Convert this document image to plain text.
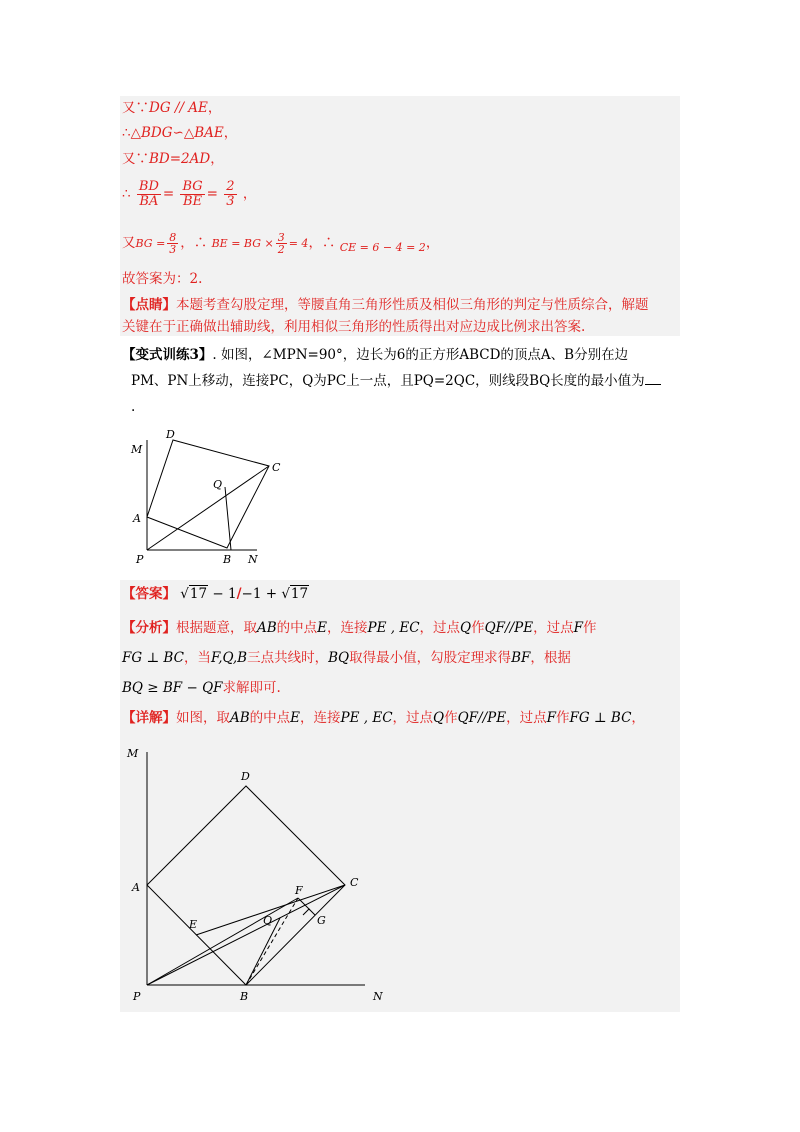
又∵DG // AE，
∴△BDG∽△BAE，
又∵BD=2AD，
∴ $\frac{BD}{BA} = \frac{BG}{BE} = \frac{2}{3}$ ，
又BG = $\frac{8}{3}$ ，∴ BE = BG × $\frac{3}{2} = 4$，∴ $_{CE = 6 - 4 = 2}$，
故答案为：2.
【点睛】本题考查勾股定理，等腰直角三角形性质及相似三角形的判定与性质综合，解题
关键在于正确做出辅助线，利用相似三角形的性质得出对应边成比例求出答案.
【变式训练3】. 如图，∠MPN=90°，边长为6的正方形ABCD的顶点A、B分别在边
PM、PN上移动，连接PC，Q为PC上一点，且PQ=2QC，则线段BQ长度的最小值为
.
M
D
C
Q
A
P	B N
【答案】 √17 − 1/−1 + √17
【分析】根据题意，取AB的中点E，连接PE , EC，过点Q作QF//PE，过点F作
FG ⊥ BC，当F,Q,B三点共线时，BQ取得最小值，勾股定理求得BF，根据
BQ ≥ BF − QF求解即可.
【详解】如图，取AB的中点E，连接PE , EC，过点Q作QF//PE，过点F作FG ⊥ BC，
M
D
A	F
C
E	Q	G
P	B	N
